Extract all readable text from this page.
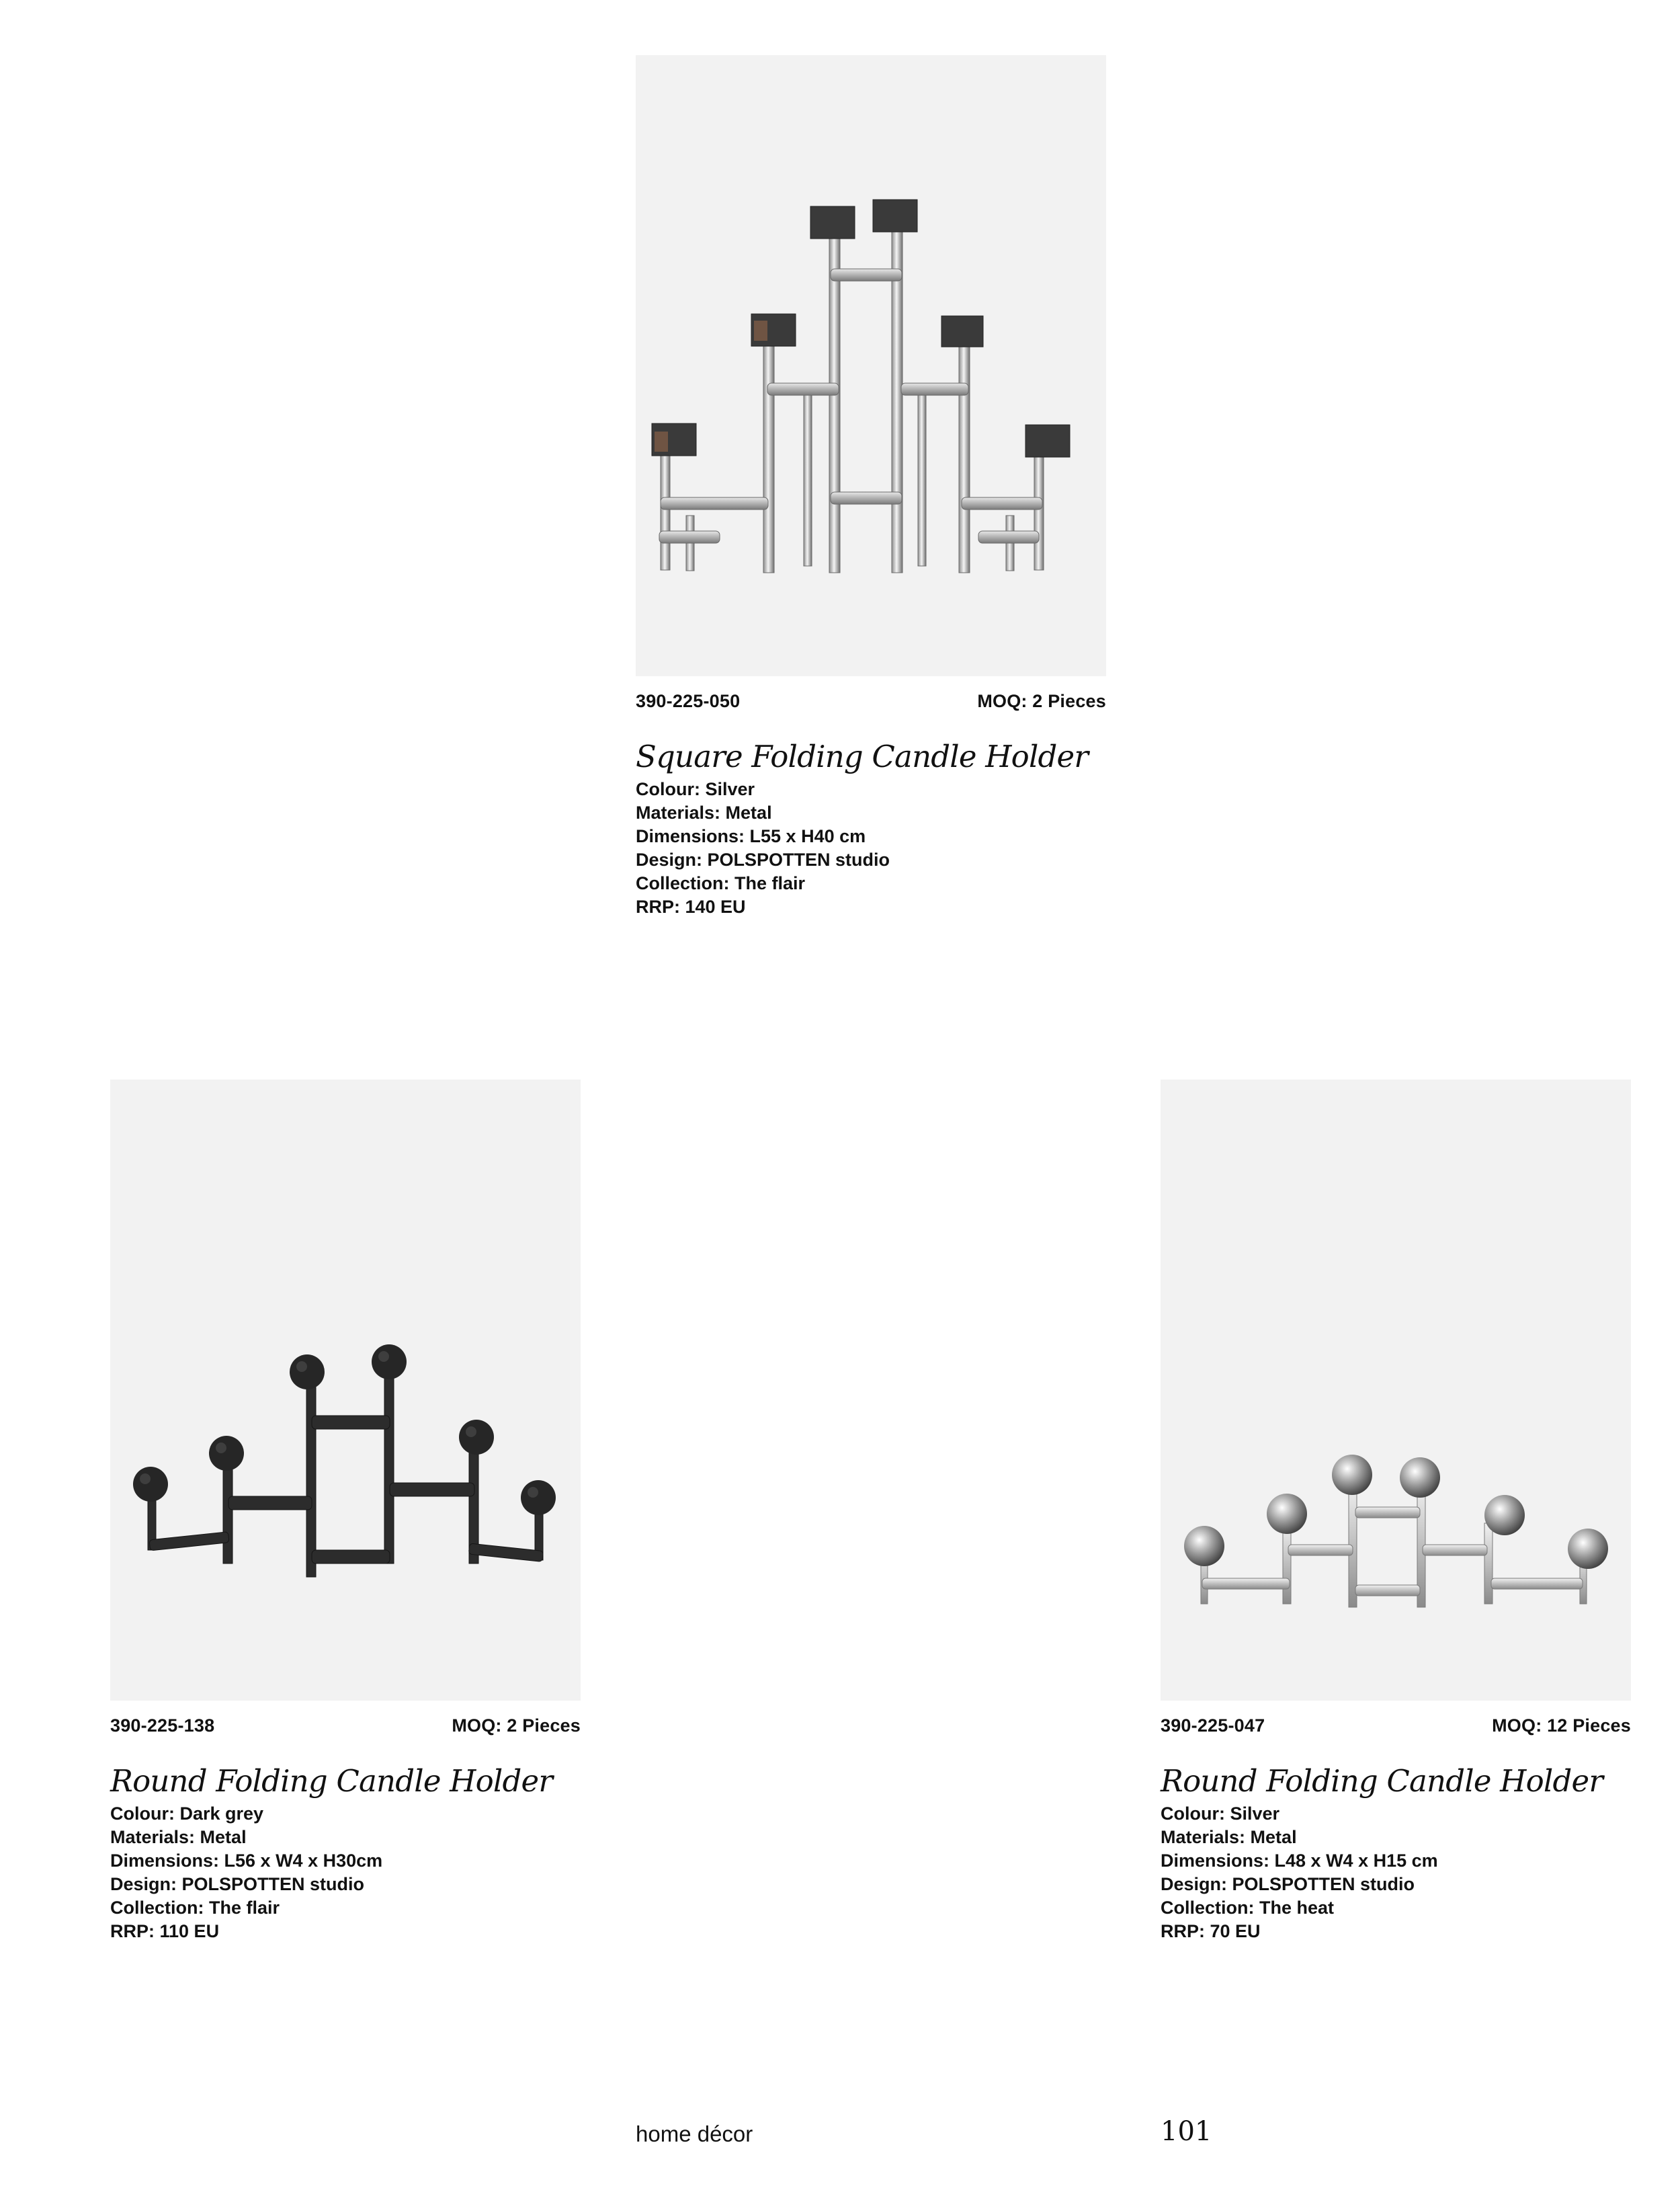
390-225-050	MOQ: 2 Pieces
Square Folding Candle Holder
Colour: Silver
Materials: Metal
Dimensions: L55 x H40 cm
Design: POLSPOTTEN studio
Collection: The flair
RRP: 140 EU
390-225-138	MOQ: 2 Pieces
Round Folding Candle Holder
Colour: Dark grey
Materials: Metal
Dimensions: L56 x W4 x H30cm
Design: POLSPOTTEN studio
Collection: The flair
RRP: 110 EU
390-225-047	MOQ: 12 Pieces
Round Folding Candle Holder
Colour: Silver
Materials: Metal
Dimensions: L48 x W4 x H15 cm
Design: POLSPOTTEN studio
Collection: The heat
RRP: 70 EU
home décor	101
